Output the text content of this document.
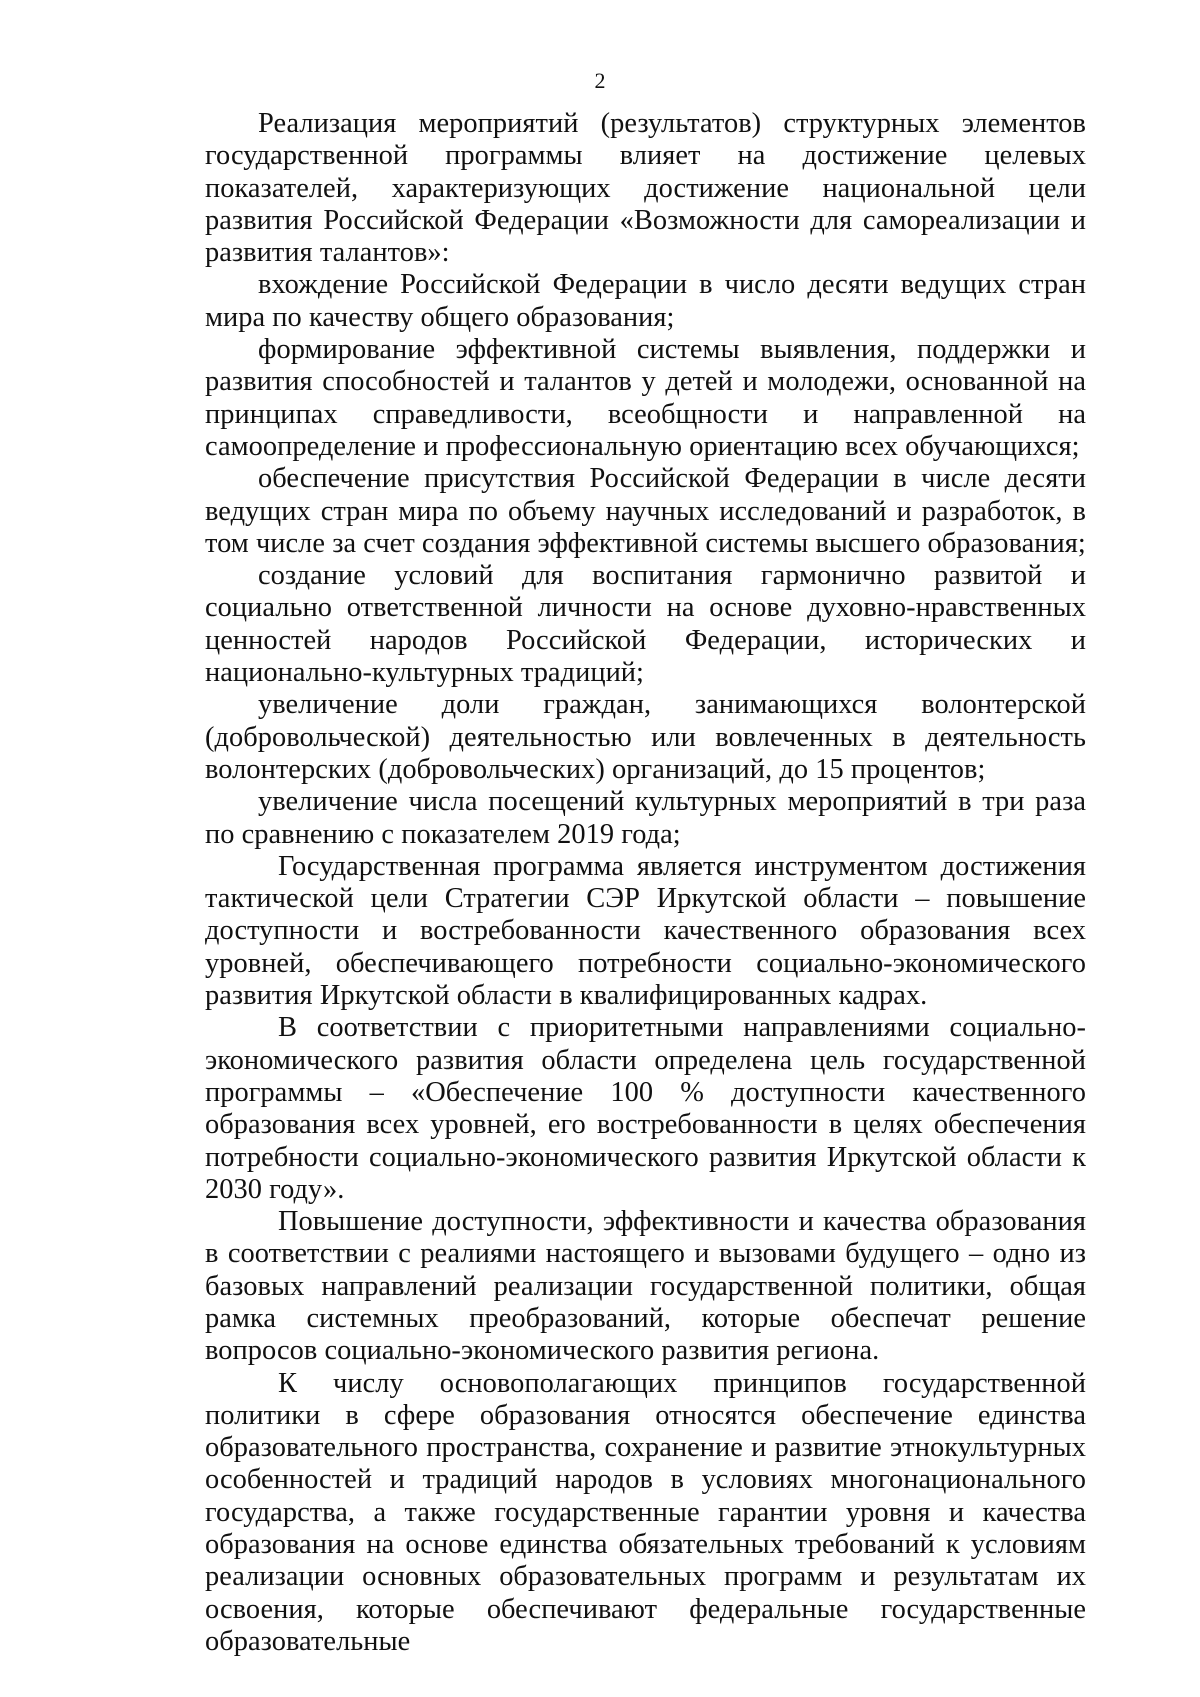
2

Реализация мероприятий (результатов) структурных элементов государственной программы влияет на достижение целевых показателей, характеризующих достижение национальной цели развития Российской Федерации «Возможности для самореализации и развития талантов»:

вхождение Российской Федерации в число десяти ведущих стран мира по качеству общего образования;

формирование эффективной системы выявления, поддержки и развития способностей и талантов у детей и молодежи, основанной на принципах справедливости, всеобщности и направленной на самоопределение и профессиональную ориентацию всех обучающихся;

обеспечение присутствия Российской Федерации в числе десяти ведущих стран мира по объему научных исследований и разработок, в том числе за счет создания эффективной системы высшего образования;

создание условий для воспитания гармонично развитой и социально ответственной личности на основе духовно-нравственных ценностей народов Российской Федерации, исторических и национально-культурных традиций;

увеличение доли граждан, занимающихся волонтерской (добровольческой) деятельностью или вовлеченных в деятельность волонтерских (добровольческих) организаций, до 15 процентов;

увеличение числа посещений культурных мероприятий в три раза по сравнению с показателем 2019 года;

Государственная программа является инструментом достижения тактической цели Стратегии СЭР Иркутской области – повышение доступности и востребованности качественного образования всех уровней, обеспечивающего потребности социально-экономического развития Иркутской области в квалифицированных кадрах.

В соответствии с приоритетными направлениями социально-экономического развития области определена цель государственной программы – «Обеспечение 100 % доступности качественного образования всех уровней, его востребованности в целях обеспечения потребности социально-экономического развития Иркутской области к 2030 году».

Повышение доступности, эффективности и качества образования в соответствии с реалиями настоящего и вызовами будущего – одно из базовых направлений реализации государственной политики, общая рамка системных преобразований, которые обеспечат решение вопросов социально-экономического развития региона.

К числу основополагающих принципов государственной политики в сфере образования относятся обеспечение единства образовательного пространства, сохранение и развитие этнокультурных особенностей и традиций народов в условиях многонационального государства, а также государственные гарантии уровня и качества образования на основе единства обязательных требований к условиям реализации основных образовательных программ и результатам их освоения, которые обеспечивают федеральные государственные образовательные
